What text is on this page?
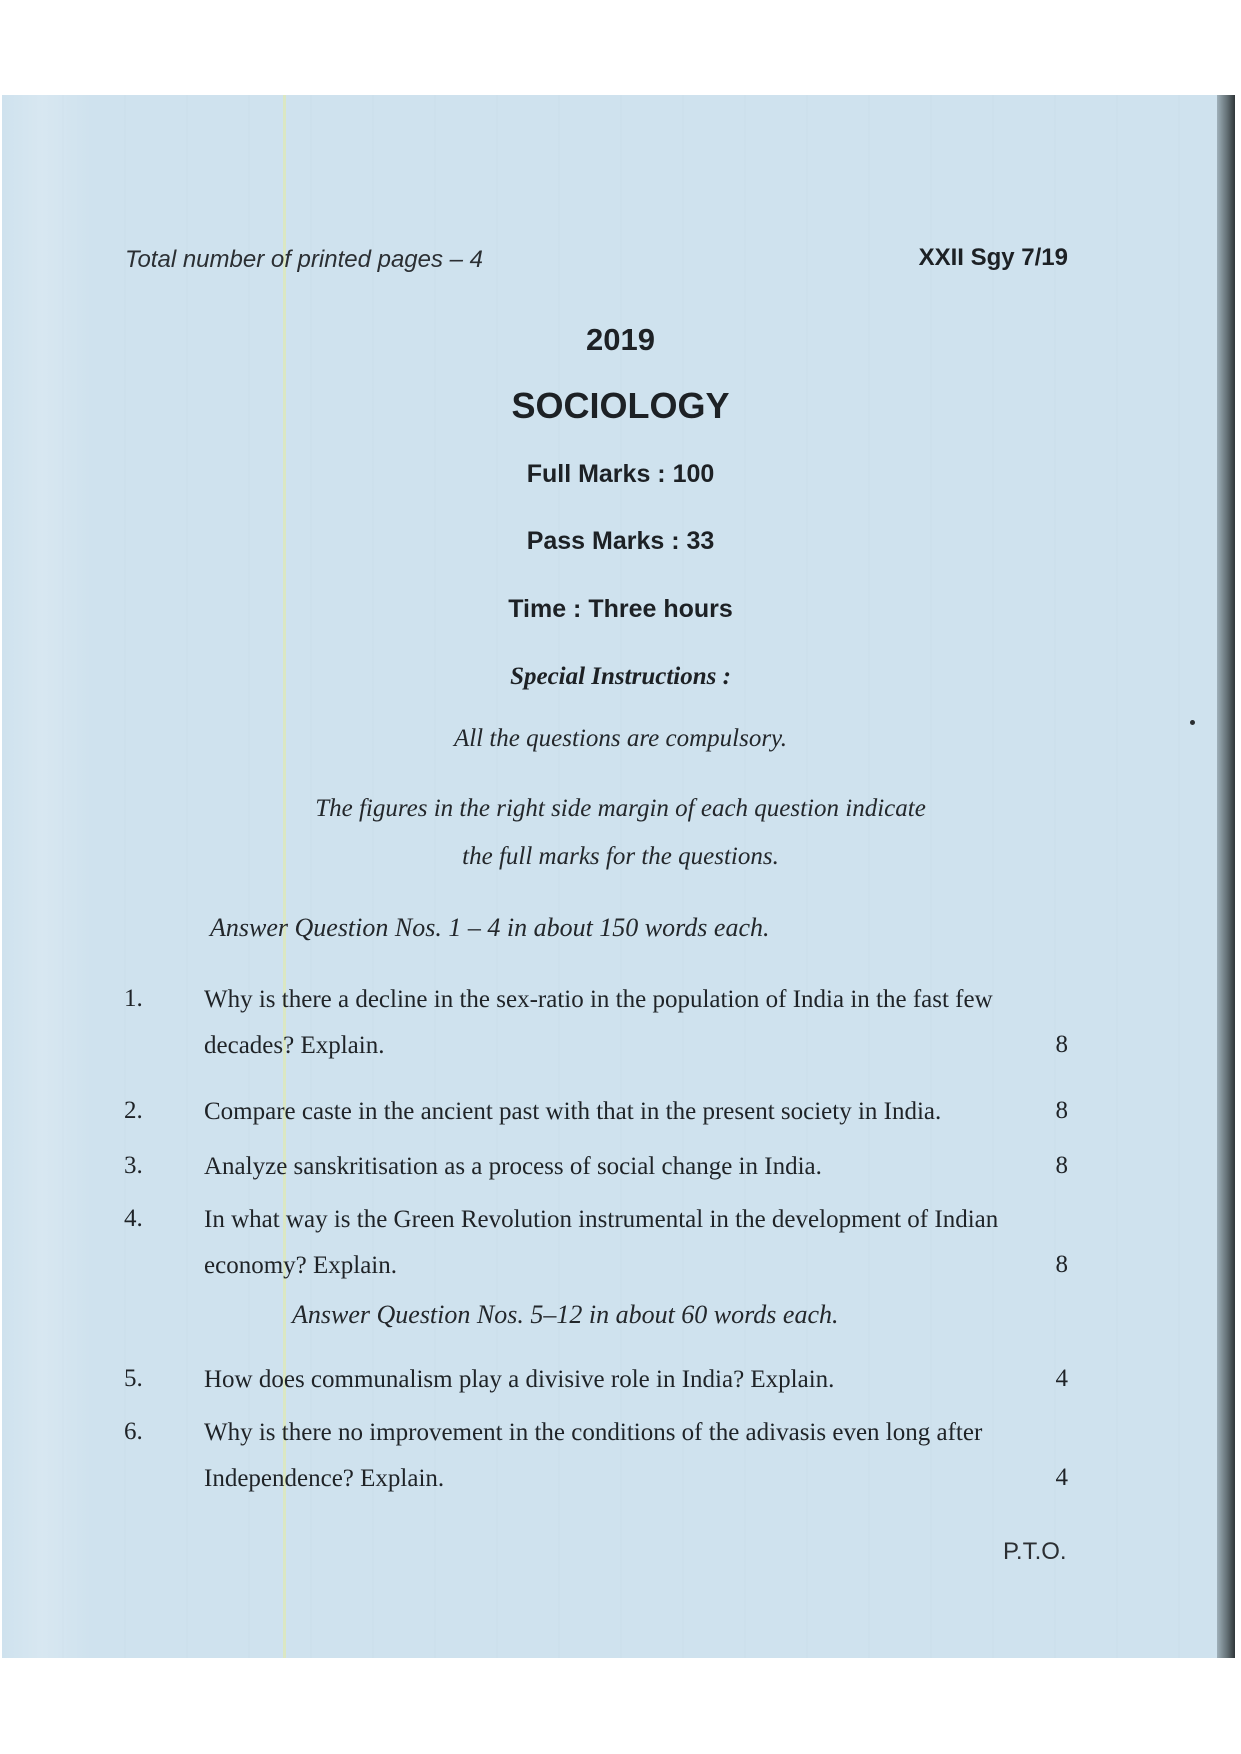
Total number of printed pages – 4	XXII Sgy 7/19
2019
SOCIOLOGY
Full Marks : 100
Pass Marks : 33
Time : Three hours
Special Instructions :
All the questions are compulsory.
The figures in the right side margin of each question indicate
the full marks for the questions.
Answer Question Nos. 1 – 4 in about 150 words each.
1. Why is there a decline in the sex-ratio in the population of India in the fast few decades? Explain.	8
2. Compare caste in the ancient past with that in the present society in India.	8
3. Analyze sanskritisation as a process of social change in India.	8
4. In what way is the Green Revolution instrumental in the development of Indian economy? Explain.	8
Answer Question Nos. 5–12 in about 60 words each.
5. How does communalism play a divisive role in India? Explain.	4
6. Why is there no improvement in the conditions of the adivasis even long after Independence? Explain.	4
P.T.O.
